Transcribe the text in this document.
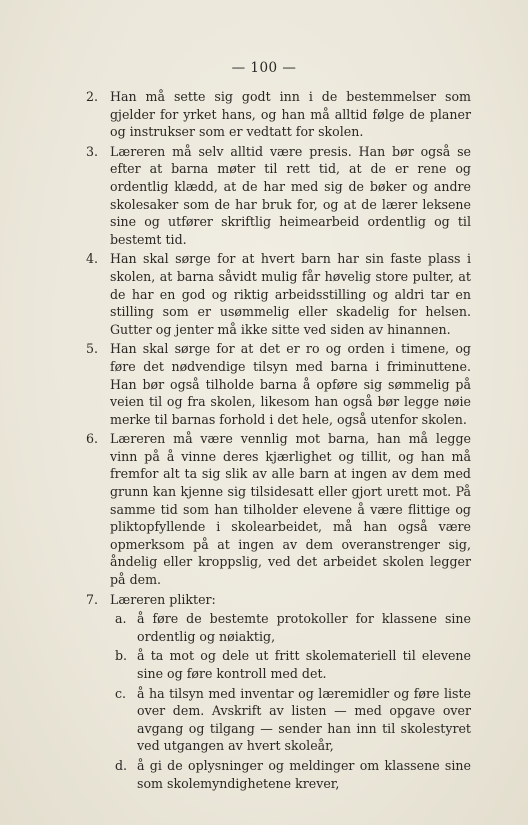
— 100 —
2. Han må sette sig godt inn i de bestemmelser som gjelder for yrket hans, og han må alltid følge de planer og instrukser som er vedtatt for skolen.
3. Læreren må selv alltid være presis. Han bør også se efter at barna møter til rett tid, at de er rene og ordentlig klædd, at de har med sig de bøker og andre skolesaker som de har bruk for, og at de lærer leksene sine og utfører skriftlig heimearbeid ordentlig og til bestemt tid.
4. Han skal sørge for at hvert barn har sin faste plass i skolen, at barna såvidt mulig får høvelig store pulter, at de har en god og riktig arbeidsstilling og aldri tar en stilling som er usømmelig eller skadelig for helsen. Gutter og jenter må ikke sitte ved siden av hinannen.
5. Han skal sørge for at det er ro og orden i timene, og føre det nødvendige tilsyn med barna i friminuttene. Han bør også tilholde barna å opføre sig sømmelig på veien til og fra skolen, likesom han også bør legge nøie merke til barnas forhold i det hele, også utenfor skolen.
6. Læreren må være vennlig mot barna, han må legge vinn på å vinne deres kjærlighet og tillit, og han må fremfor alt ta sig slik av alle barn at ingen av dem med grunn kan kjenne sig tilsidesatt eller gjort urett mot. På samme tid som han tilholder elevene å være flittige og pliktopfyllende i skolearbeidet, må han også være opmerksom på at ingen av dem overanstrenger sig, åndelig eller kroppslig, ved det arbeidet skolen legger på dem.
7. Læreren plikter:
a. å føre de bestemte protokoller for klassene sine ordentlig og nøiaktig,
b. å ta mot og dele ut fritt skolemateriell til elevene sine og føre kontroll med det.
c. å ha tilsyn med inventar og læremidler og føre liste over dem. Avskrift av listen — med opgave over avgang og tilgang — sender han inn til skolestyret ved utgangen av hvert skoleår,
d. å gi de oplysninger og meldinger om klassene sine som skolemyndighetene krever,
